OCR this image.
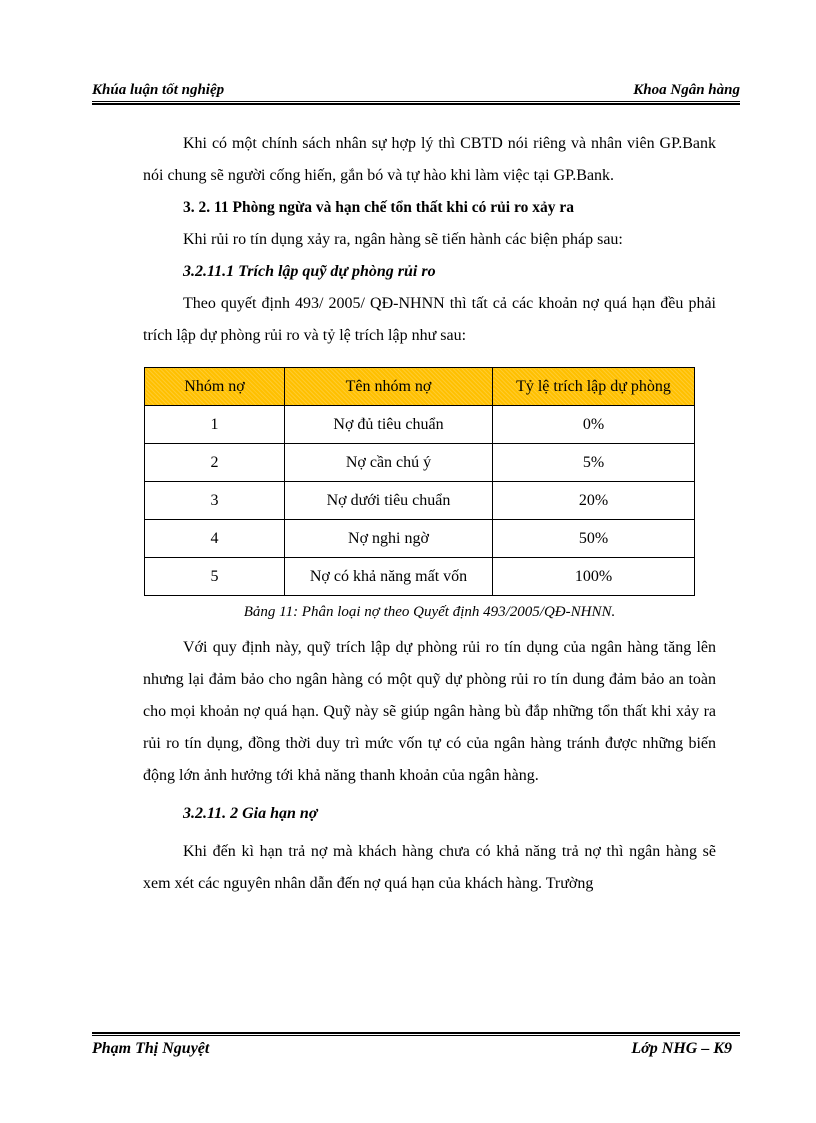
Khúa luận tốt nghiệp	Khoa Ngân hàng

Khi có một chính sách nhân sự hợp lý thì CBTD nói riêng và nhân viên GP.Bank nói chung sẽ người cống hiến, gắn bó và tự hào khi làm việc tại GP.Bank.

3. 2. 11 Phòng ngừa và hạn chế tổn thất khi có rủi ro xảy ra

Khi rủi ro tín dụng xảy ra, ngân hàng sẽ tiến hành các biện pháp sau:

3.2.11.1 Trích lập quỹ dự phòng rủi ro

Theo quyết định 493/ 2005/ QĐ-NHNN thì tất cả các khoản nợ quá hạn đều phải trích lập dự phòng rủi ro và tỷ lệ trích lập như sau:

Nhóm nợ	Tên nhóm nợ	Tỷ lệ trích lập dự phòng
1	Nợ đủ tiêu chuẩn	0%
2	Nợ cần chú ý	5%
3	Nợ dưới tiêu chuẩn	20%
4	Nợ nghi ngờ	50%
5	Nợ có khả năng mất vốn	100%

Bảng 11: Phân loại nợ theo Quyết định 493/2005/QĐ-NHNN.

Với quy định này, quỹ trích lập dự phòng rủi ro tín dụng của ngân hàng tăng lên nhưng lại đảm bảo cho ngân hàng có một quỹ dự phòng rủi ro tín dung đảm bảo an toàn cho mọi khoản nợ quá hạn. Quỹ này sẽ giúp ngân hàng bù đắp những tổn thất khi xảy ra rủi ro tín dụng, đồng thời duy trì mức vốn tự có của ngân hàng tránh được những biến động lớn ảnh hưởng tới khả năng thanh khoản của ngân hàng.

3.2.11. 2 Gia hạn nợ

Khi đến kì hạn trả nợ mà khách hàng chưa có khả năng trả nợ thì ngân hàng sẽ xem xét các nguyên nhân dẫn đến nợ quá hạn của khách hàng. Trường

Phạm Thị Nguyệt	Lớp NHG – K9
